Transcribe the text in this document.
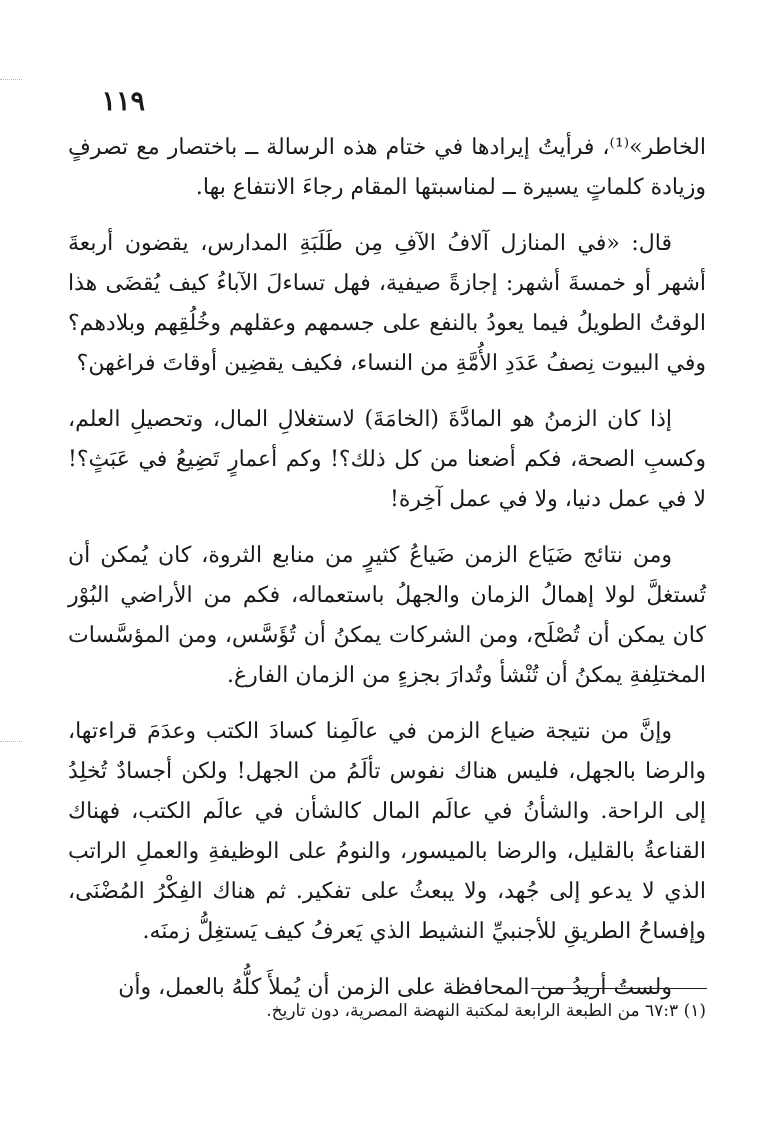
١١٩

الخاطر»⁽¹⁾، فرأيتُ إيرادها في ختام هذه الرسالة ــ باختصار مع تصرفٍ وزيادة كلماتٍ يسيرة ــ لمناسبتها المقام رجاءَ الانتفاع بها.

قال: «في المنازل آلافُ الآفِ مِن طَلَبَةِ المدارس، يقضون أربعةَ أشهر أو خمسةَ أشهر: إجازةً صيفية، فهل تساءلَ الآباءُ كيف يُقضَى هذا الوقتُ الطويلُ فيما يعودُ بالنفع على جسمهم وعقلهم وخُلُقِهم وبلادهم؟ وفي البيوت نِصفُ عَدَدِ الأُمَّةِ من النساء، فكيف يقضِين أوقاتَ فراغهن؟

إذا كان الزمنُ هو المادَّةَ (الخامَةَ) لاستغلالِ المال، وتحصيلِ العلم، وكسبِ الصحة، فكم أضعنا من كل ذلك؟! وكم أعمارٍ تَضِيعُ في عَبَثٍ؟! لا في عمل دنيا، ولا في عمل آخِرة!

ومن نتائج ضَيَاع الزمن ضَياعُ كثيرٍ من منابع الثروة، كان يُمكن أن تُستغلَّ لولا إهمالُ الزمان والجهلُ باستعماله، فكم من الأراضي البُوْر كان يمكن أن تُصْلَح، ومن الشركات يمكنُ أن تُؤَسَّس، ومن المؤسَّسات المختلِفةِ يمكنُ أن تُنْشأ وتُدارَ بجزءٍ من الزمان الفارغ.

وإنَّ من نتيجة ضياع الزمن في عالَمِنا كسادَ الكتب وعدَمَ قراءتها، والرضا بالجهل، فليس هناك نفوس تألَمُ من الجهل! ولكن أجسادٌ تُخلِدُ إلى الراحة. والشأنُ في عالَم المال كالشأن في عالَم الكتب، فهناك القناعةُ بالقليل، والرضا بالميسور، والنومُ على الوظيفةِ والعملِ الراتب الذي لا يدعو إلى جُهد، ولا يبعثُ على تفكير. ثم هناك الفِكْرُ المُضْنَى، وإفساحُ الطريقِ للأجنبيِّ النشيط الذي يَعرفُ كيف يَستغِلُّ زمنَه.

ولستُ أريدُ من المحافظة على الزمن أن يُملأَ كلُّهُ بالعمل، وأن

(١) ٦٧:٣ من الطبعة الرابعة لمكتبة النهضة المصرية، دون تاريخ.
